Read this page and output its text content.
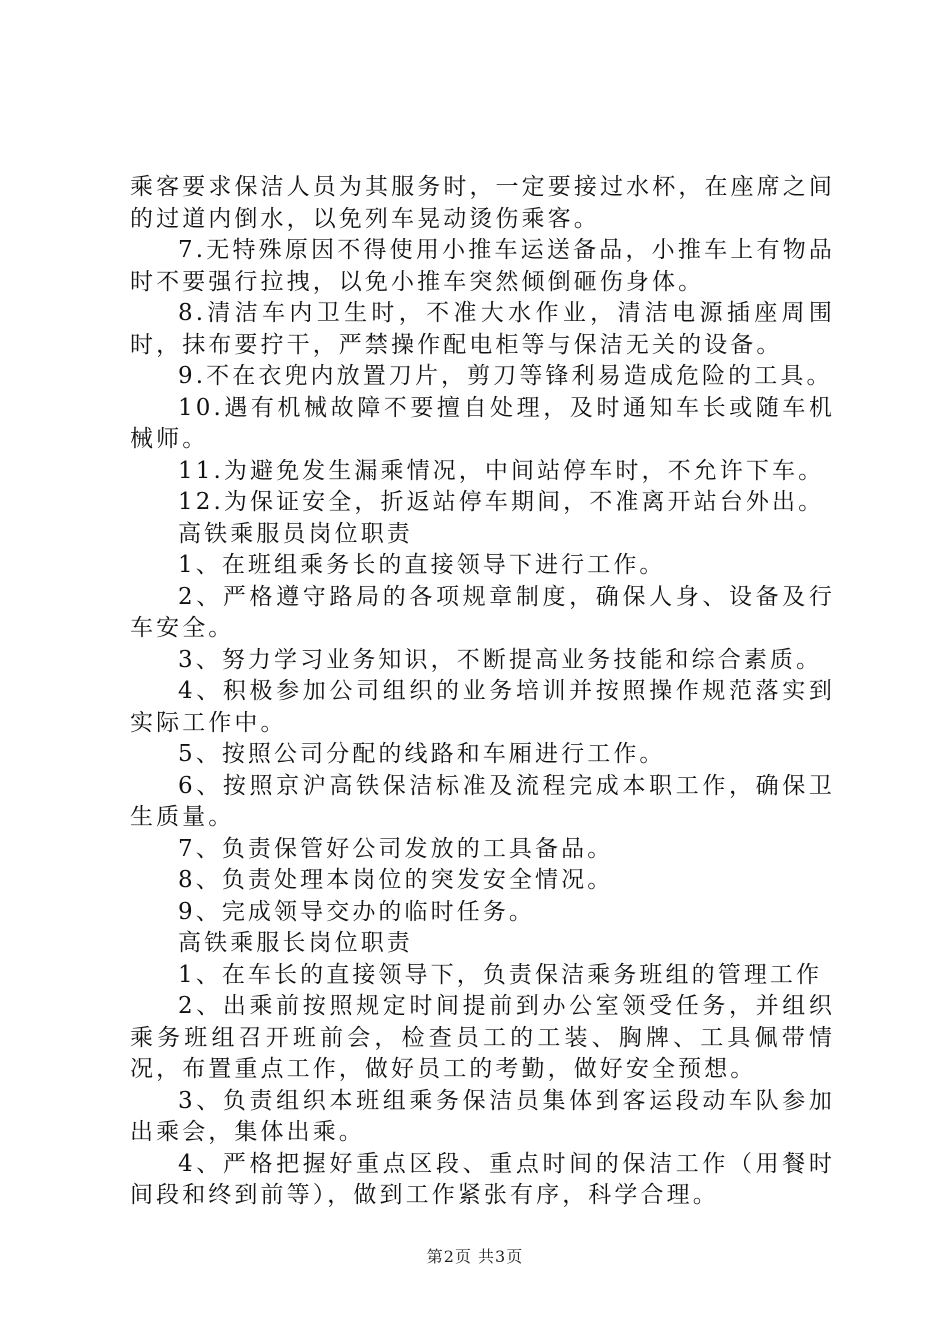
乘客要求保洁人员为其服务时，一定要接过水杯，在座席之间的过道内倒水，以免列车晃动烫伤乘客。

7.无特殊原因不得使用小推车运送备品，小推车上有物品时不要强行拉拽，以免小推车突然倾倒砸伤身体。

8.清洁车内卫生时，不准大水作业，清洁电源插座周围时，抹布要拧干，严禁操作配电柜等与保洁无关的设备。

9.不在衣兜内放置刀片，剪刀等锋利易造成危险的工具。

10.遇有机械故障不要擅自处理，及时通知车长或随车机械师。

11.为避免发生漏乘情况，中间站停车时，不允许下车。

12.为保证安全，折返站停车期间，不准离开站台外出。

高铁乘服员岗位职责

1、在班组乘务长的直接领导下进行工作。

2、严格遵守路局的各项规章制度，确保人身、设备及行车安全。

3、努力学习业务知识，不断提高业务技能和综合素质。

4、积极参加公司组织的业务培训并按照操作规范落实到实际工作中。

5、按照公司分配的线路和车厢进行工作。

6、按照京沪高铁保洁标准及流程完成本职工作，确保卫生质量。

7、负责保管好公司发放的工具备品。

8、负责处理本岗位的突发安全情况。

9、完成领导交办的临时任务。

高铁乘服长岗位职责

1、在车长的直接领导下，负责保洁乘务班组的管理工作

2、出乘前按照规定时间提前到办公室领受任务，并组织乘务班组召开班前会，检查员工的工装、胸牌、工具佩带情况，布置重点工作，做好员工的考勤，做好安全预想。

3、负责组织本班组乘务保洁员集体到客运段动车队参加出乘会，集体出乘。

4、严格把握好重点区段、重点时间的保洁工作（用餐时间段和终到前等），做到工作紧张有序，科学合理。

第2页 共3页
